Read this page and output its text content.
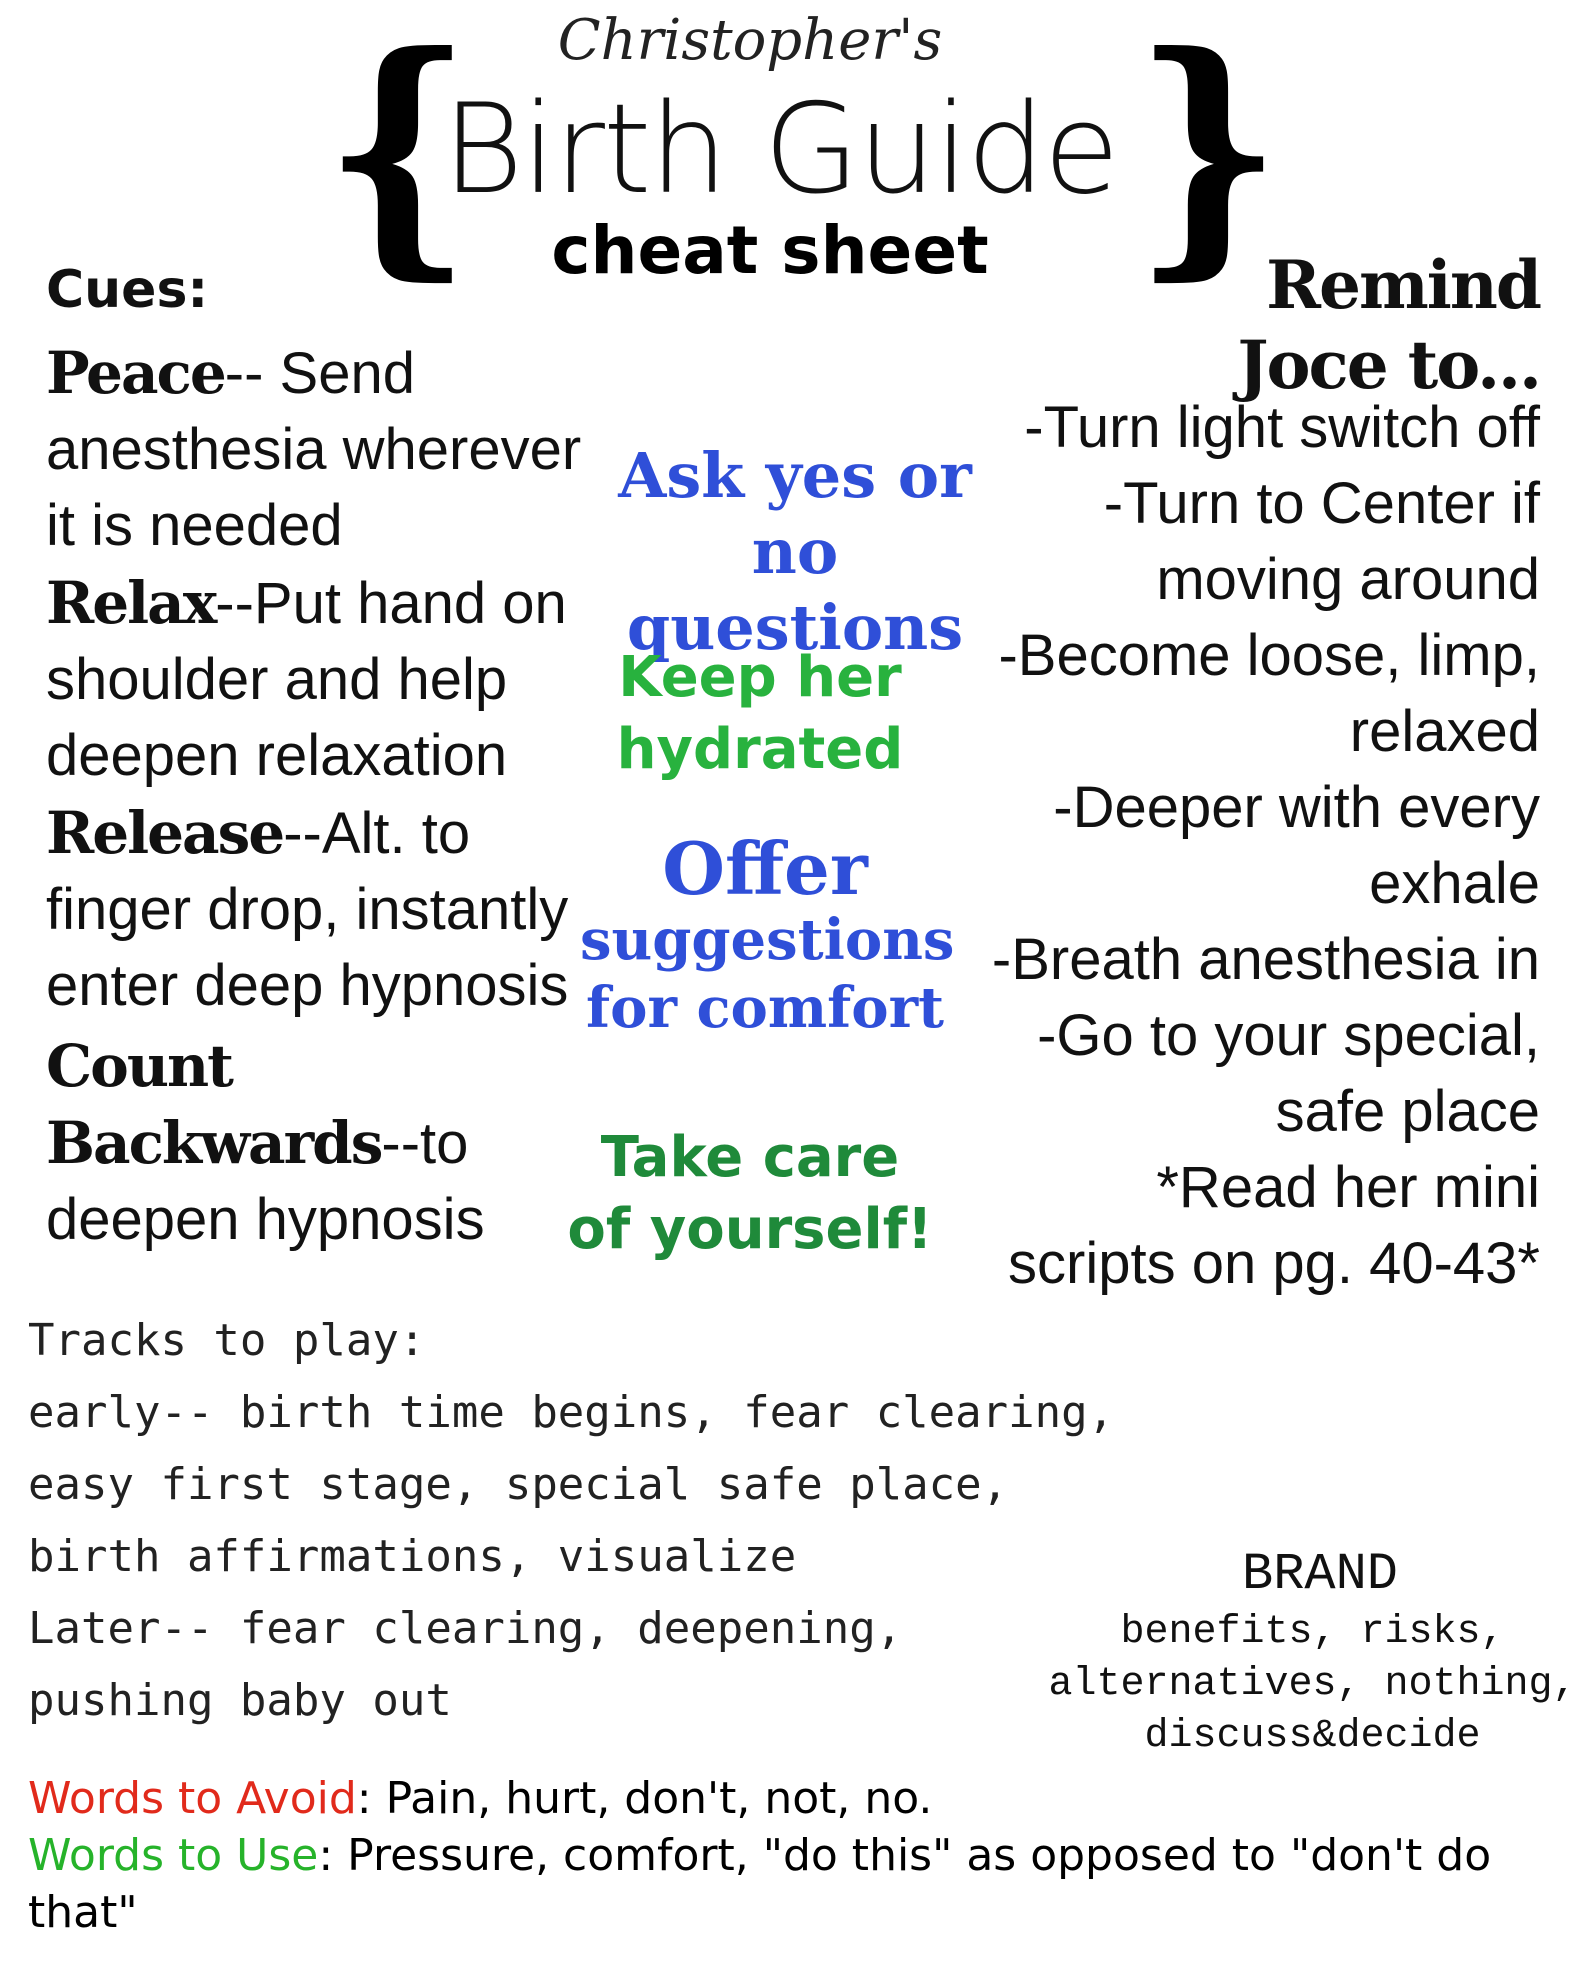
{	}
Christopher's
Birth Guide
cheat sheet
Cues:
Peace-- Send anesthesia wherever it is needed
Relax--Put hand on shoulder and help deepen relaxation
Release--Alt. to finger drop, instantly enter deep hypnosis
Count Backwards--to deepen hypnosis
Ask yes or no questions
Keep her
hydrated
Offer
suggestions
for comfort
Take care
of yourself!
Remind
Joce to...
-Turn light switch off
-Turn to Center if
moving around
-Become loose, limp,
relaxed
-Deeper with every
exhale
-Breath anesthesia in
-Go to your special,
safe place
*Read her mini
scripts on pg. 40-43*
Tracks to play:
early-- birth time begins, fear clearing, easy first stage, special safe place, birth affirmations, visualize
Later-- fear clearing, deepening, pushing baby out
BRAND
benefits, risks,
alternatives, nothing,
discuss&decide
Words to Avoid: Pain, hurt, don't, not, no.
Words to Use: Pressure, comfort, "do this" as opposed to "don't do that"
